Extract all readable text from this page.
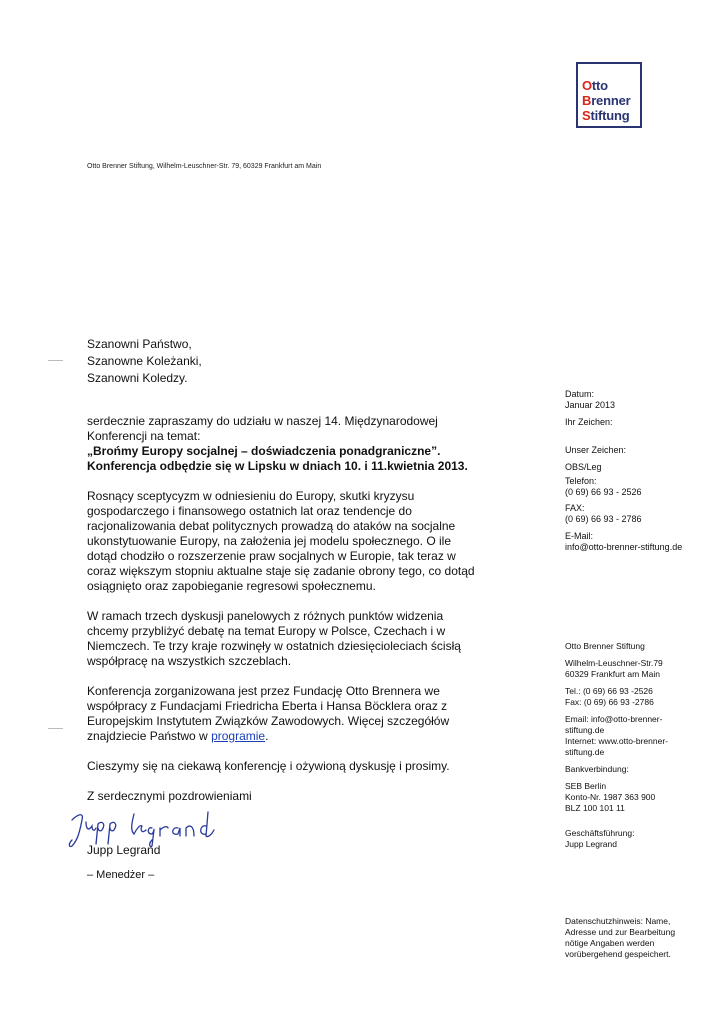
Otto
Brenner
Stiftung
Otto Brenner Stiftung, Wilhelm-Leuschner-Str. 79, 60329 Frankfurt am Main
Szanowni Państwo,
Szanowne Koleżanki,
Szanowni Koledzy.

serdecznie zapraszamy do udziału w naszej 14. Międzynarodowej Konferencji na temat:
„Brońmy Europy socjalnej – doświadczenia ponadgraniczne”.
Konferencja odbędzie się w Lipsku w dniach 10. i 11.kwietnia 2013.

Rosnący sceptycyzm w odniesieniu do Europy, skutki kryzysu gospodarczego i finansowego ostatnich lat oraz tendencje do racjonalizowania debat politycznych prowadzą do ataków na socjalne ukonstytuowanie Europy, na założenia jej modelu społecznego. O ile dotąd chodziło o rozszerzenie praw socjalnych w Europie, tak teraz w coraz większym stopniu aktualne staje się zadanie obrony tego, co dotąd osiągnięto oraz zapobieganie regresowi społecznemu.

W ramach trzech dyskusji panelowych z różnych punktów widzenia chcemy przybliżyć debatę na temat Europy w Polsce, Czechach i w Niemczech. Te trzy kraje rozwinęły w ostatnich dziesięcioleciach ścisłą współpracę na wszystkich szczeblach.

Konferencja zorganizowana jest przez Fundację Otto Brennera we współpracy z Fundacjami Friedricha Eberta i Hansa Böcklera oraz z Europejskim Instytutem Związków Zawodowych. Więcej szczegółów znajdziecie Państwo w programie.

Cieszymy się na ciekawą konferencję i ożywioną dyskusję i prosimy.

Z serdecznymi pozdrowieniami

Jupp Legrand
– Menedżer –
Datum:
Januar 2013
Ihr Zeichen:
Unser Zeichen:
OBS/Leg
Telefon:
(0 69) 66 93 - 2526
FAX:
(0 69) 66 93 - 2786
E-Mail:
info@otto-brenner-stiftung.de
Otto Brenner Stiftung
Wilhelm-Leuschner-Str.79
60329 Frankfurt am Main
Tel.: (0 69) 66 93 -2526
Fax: (0 69) 66 93 -2786
Email: info@otto-brenner-
stiftung.de
Internet: www.otto-brenner-
stiftung.de
Bankverbindung:
SEB Berlin
Konto-Nr. 1987 363 900
BLZ 100 101 11
Geschäftsführung:
Jupp Legrand
Datenschutzhinweis: Name,
Adresse und zur Bearbeitung
nötige Angaben werden
vorübergehend gespeichert.
